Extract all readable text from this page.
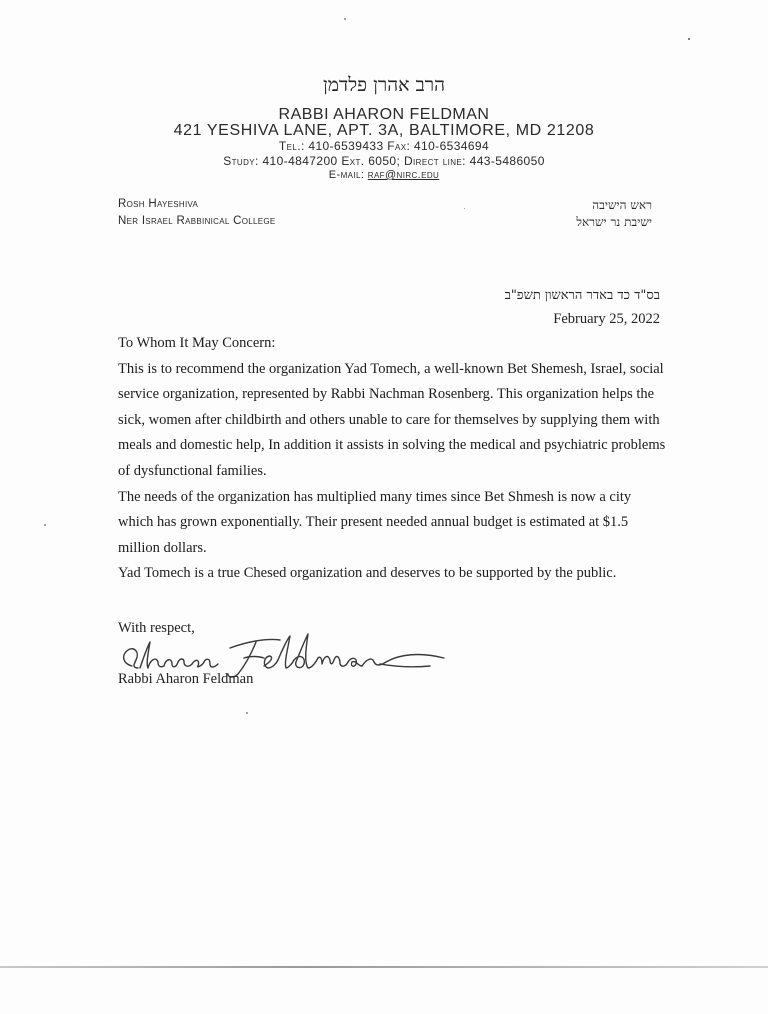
הרב אהרן פלדמן
RABBI AHARON FELDMAN
421 YESHIVA LANE, APT. 3A, BALTIMORE, MD 21208
Tel.: 410-6539433 Fax: 410-6534694
Study: 410-4847200 Ext. 6050; Direct line: 443-5486050
E-mail: raf@nirc.edu
Rosh Hayeshiva
Ner Israel Rabbinical College
ראש הישיבה
ישיבת נר ישראל
בס"ד כד באדר הראשון תשפ"ב
February 25, 2022

To Whom It May Concern:

This is to recommend the organization Yad Tomech, a well-known Bet Shemesh, Israel, social service organization, represented by Rabbi Nachman Rosenberg. This organization helps the sick, women after childbirth and others unable to care for themselves by supplying them with meals and domestic help, In addition it assists in solving the medical and psychiatric problems of dysfunctional families.

The needs of the organization has multiplied many times since Bet Shmesh is now a city which has grown exponentially. Their present needed annual budget is estimated at $1.5 million dollars.

Yad Tomech is a true Chesed organization and deserves to be supported by the public.

With respect,
Rabbi Aharon Feldman
